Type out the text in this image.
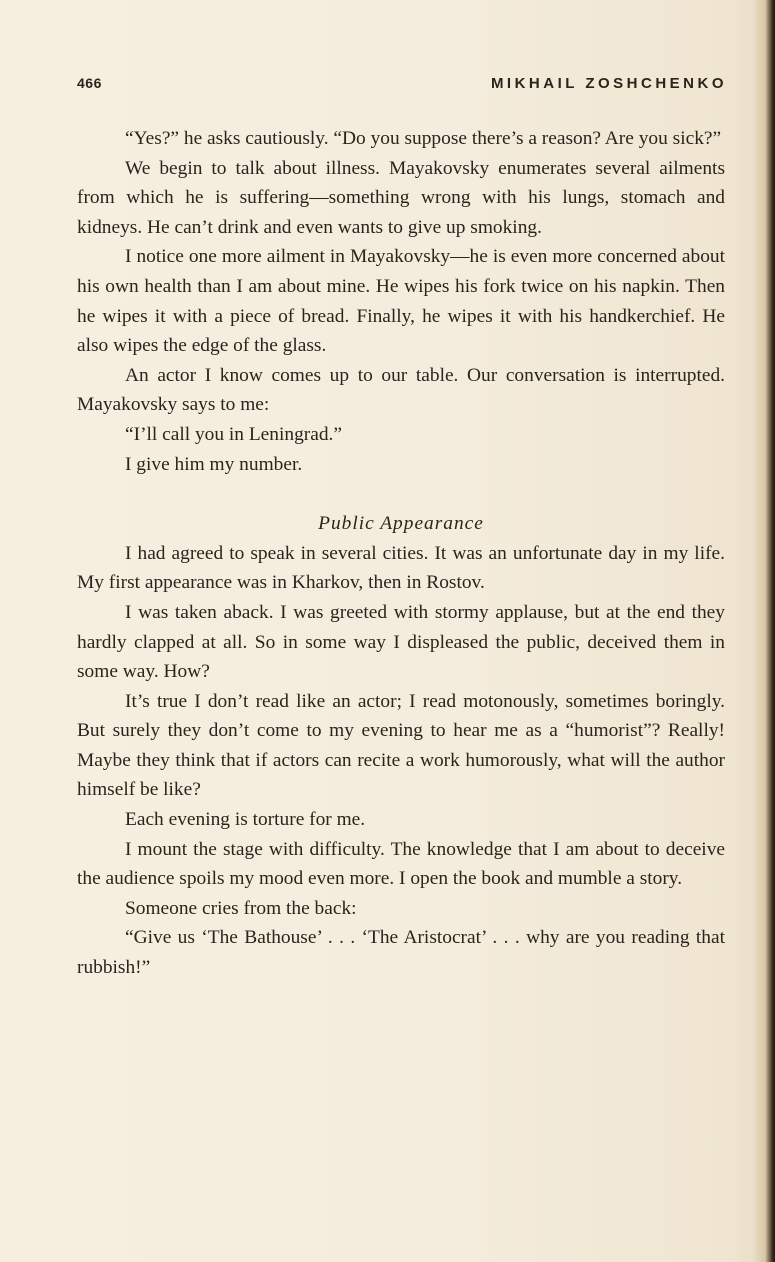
466	MIKHAIL ZOSHCHENKO

“Yes?” he asks cautiously. “Do you suppose there’s a reason? Are you sick?”

We begin to talk about illness. Mayakovsky enumerates several ailments from which he is suffering—something wrong with his lungs, stomach and kidneys. He can’t drink and even wants to give up smoking.

I notice one more ailment in Mayakovsky—he is even more concerned about his own health than I am about mine. He wipes his fork twice on his napkin. Then he wipes it with a piece of bread. Finally, he wipes it with his handkerchief. He also wipes the edge of the glass.

An actor I know comes up to our table. Our conversation is interrupted. Mayakovsky says to me:

“I’ll call you in Leningrad.”

I give him my number.

Public Appearance

I had agreed to speak in several cities. It was an unfortunate day in my life. My first appearance was in Kharkov, then in Rostov.

I was taken aback. I was greeted with stormy applause, but at the end they hardly clapped at all. So in some way I displeased the public, deceived them in some way. How?

It’s true I don’t read like an actor; I read motonously, sometimes boringly. But surely they don’t come to my evening to hear me as a “humorist”? Really! Maybe they think that if actors can recite a work humorously, what will the author himself be like?

Each evening is torture for me.

I mount the stage with difficulty. The knowledge that I am about to deceive the audience spoils my mood even more. I open the book and mumble a story.

Someone cries from the back:

“Give us ‘The Bathouse’ . . . ‘The Aristocrat’ . . . why are you reading that rubbish!”
